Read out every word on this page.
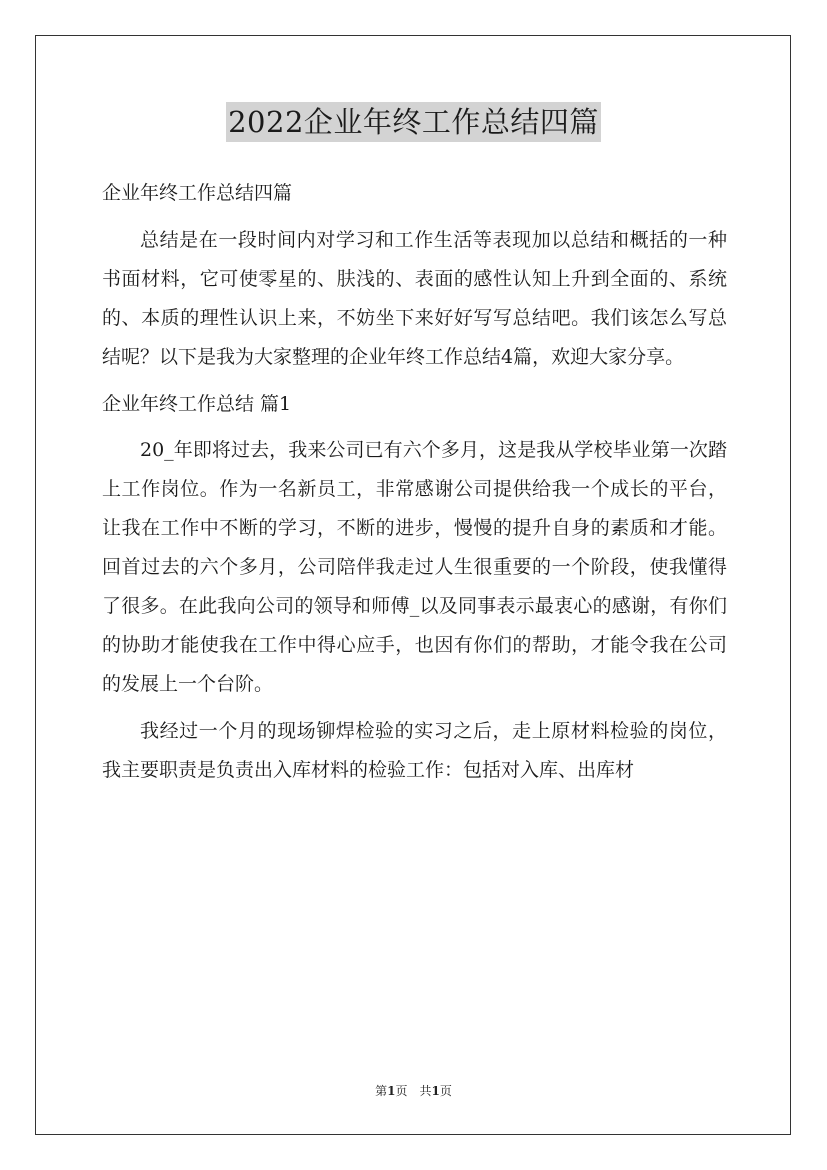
2022企业年终工作总结四篇
企业年终工作总结四篇

总结是在一段时间内对学习和工作生活等表现加以总结和概括的一种书面材料，它可使零星的、肤浅的、表面的感性认知上升到全面的、系统的、本质的理性认识上来，不妨坐下来好好写写总结吧。我们该怎么写总结呢？以下是我为大家整理的企业年终工作总结4篇，欢迎大家分享。

企业年终工作总结 篇1

20_年即将过去，我来公司已有六个多月，这是我从学校毕业第一次踏上工作岗位。作为一名新员工，非常感谢公司提供给我一个成长的平台，让我在工作中不断的学习，不断的进步，慢慢的提升自身的素质和才能。回首过去的六个多月，公司陪伴我走过人生很重要的一个阶段，使我懂得了很多。在此我向公司的领导和师傅_以及同事表示最衷心的感谢，有你们的协助才能使我在工作中得心应手，也因有你们的帮助，才能令我在公司的发展上一个台阶。

我经过一个月的现场铆焊检验的实习之后，走上原材料检验的岗位，我主要职责是负责出入库材料的检验工作：包括对入库、出库材

第1页 共1页
